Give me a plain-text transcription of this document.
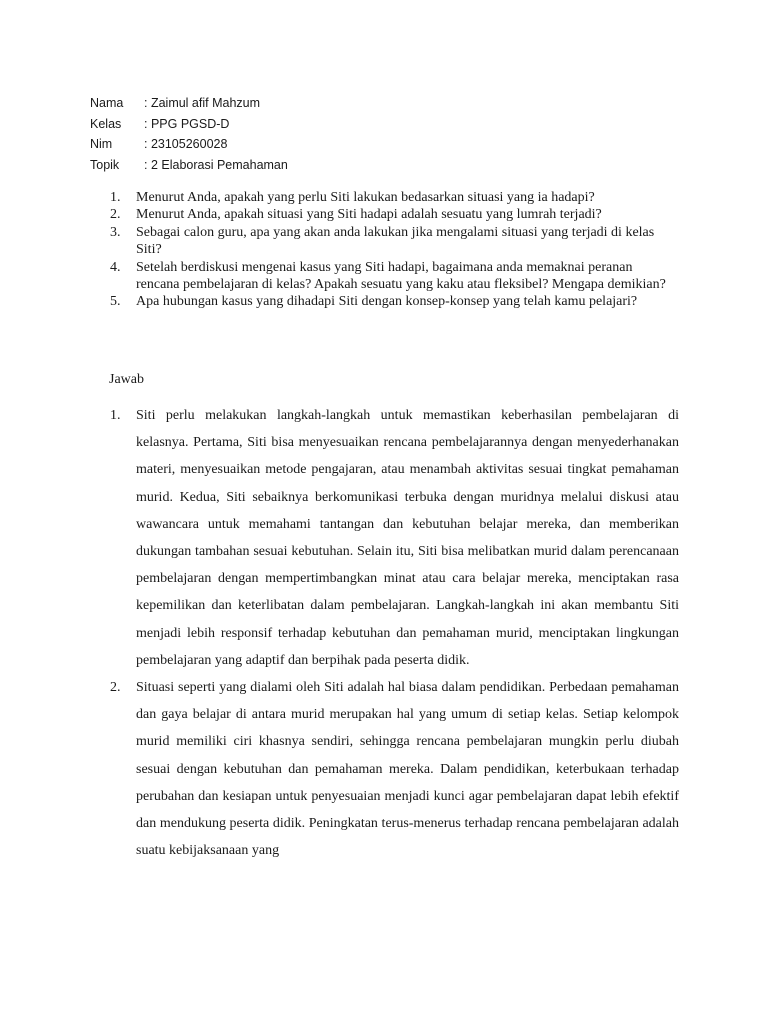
Nama	: Zaimul afif Mahzum
Kelas	: PPG PGSD-D
Nim	: 23105260028
Topik	: 2 Elaborasi Pemahaman
1.	Menurut Anda, apakah yang perlu Siti lakukan bedasarkan situasi yang ia hadapi?
2.	Menurut Anda, apakah situasi yang Siti hadapi adalah sesuatu yang lumrah terjadi?
3.	Sebagai calon guru, apa yang akan anda lakukan jika mengalami situasi yang terjadi di kelas Siti?
4.	Setelah berdiskusi mengenai kasus yang Siti hadapi, bagaimana anda memaknai peranan rencana pembelajaran di kelas? Apakah sesuatu yang kaku atau fleksibel? Mengapa demikian?
5.	Apa hubungan kasus yang dihadapi Siti dengan konsep-konsep yang telah kamu pelajari?
Jawab
1.	Siti perlu melakukan langkah-langkah untuk memastikan keberhasilan pembelajaran di kelasnya. Pertama, Siti bisa menyesuaikan rencana pembelajarannya dengan menyederhanakan materi, menyesuaikan metode pengajaran, atau menambah aktivitas sesuai tingkat pemahaman murid. Kedua, Siti sebaiknya berkomunikasi terbuka dengan muridnya melalui diskusi atau wawancara untuk memahami tantangan dan kebutuhan belajar mereka, dan memberikan dukungan tambahan sesuai kebutuhan. Selain itu, Siti bisa melibatkan murid dalam perencanaan pembelajaran dengan mempertimbangkan minat atau cara belajar mereka, menciptakan rasa kepemilikan dan keterlibatan dalam pembelajaran. Langkah-langkah ini akan membantu Siti menjadi lebih responsif terhadap kebutuhan dan pemahaman murid, menciptakan lingkungan pembelajaran yang adaptif dan berpihak pada peserta didik.
2.	Situasi seperti yang dialami oleh Siti adalah hal biasa dalam pendidikan. Perbedaan pemahaman dan gaya belajar di antara murid merupakan hal yang umum di setiap kelas. Setiap kelompok murid memiliki ciri khasnya sendiri, sehingga rencana pembelajaran mungkin perlu diubah sesuai dengan kebutuhan dan pemahaman mereka. Dalam pendidikan, keterbukaan terhadap perubahan dan kesiapan untuk penyesuaian menjadi kunci agar pembelajaran dapat lebih efektif dan mendukung peserta didik. Peningkatan terus-menerus terhadap rencana pembelajaran adalah suatu kebijaksanaan yang
